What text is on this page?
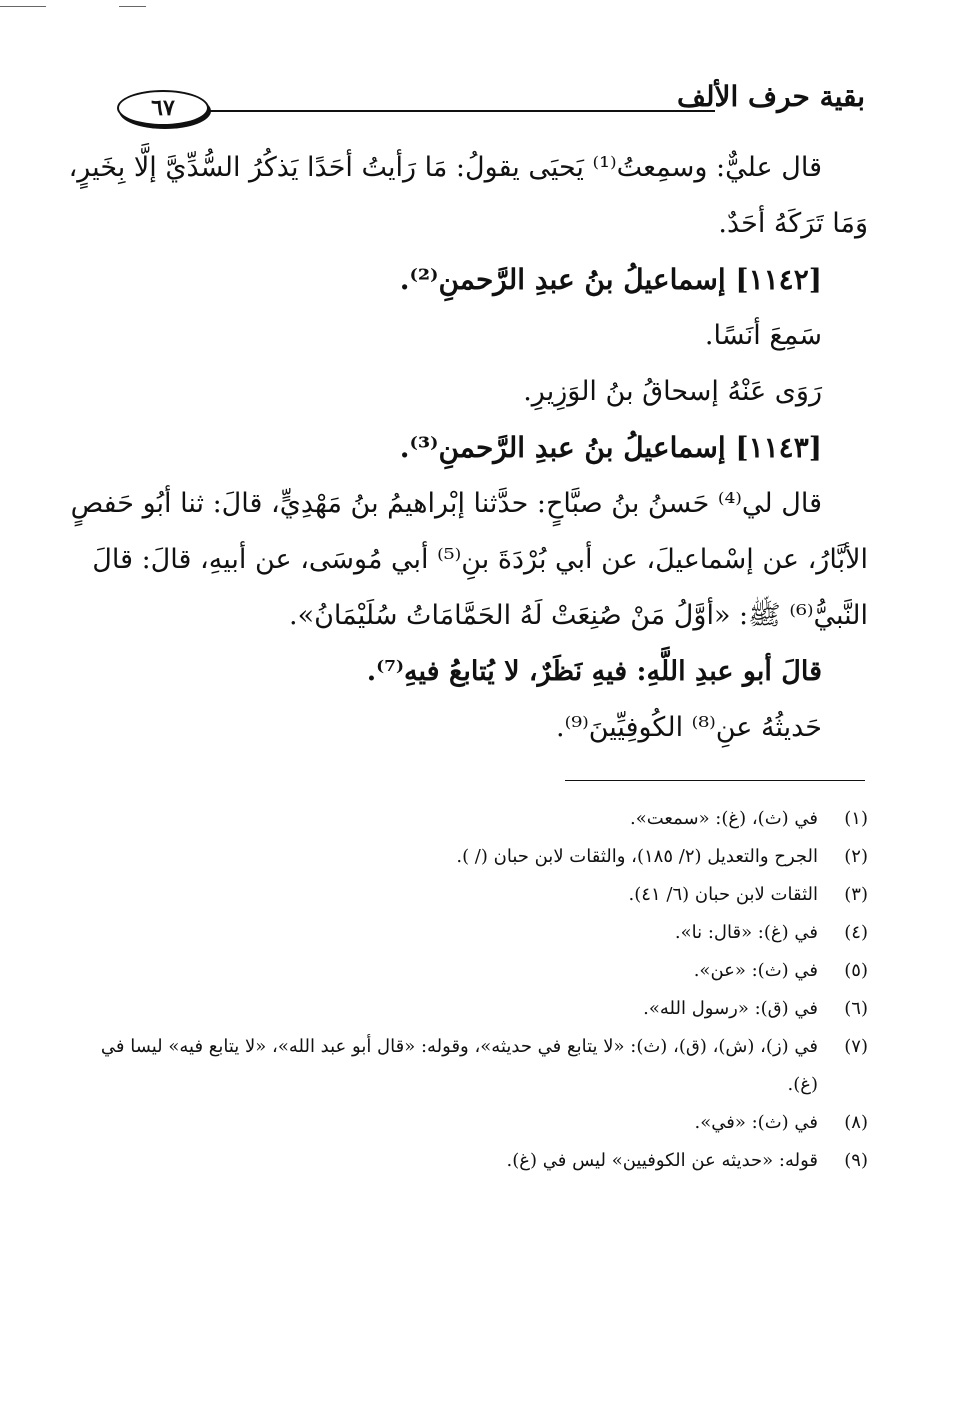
٦٧	بقية حرف الألف
قال عليٌّ: وسمِعتُ⁽¹⁾ يَحيَى يقولُ: مَا رَأيتُ أحَدًا يَذكُرُ السُّدِّيَّ إلَّا بِخَيرٍ،
وَمَا تَرَكَهُ أحَدٌ.
[١١٤٢] إسماعيلُ بنُ عبدِ الرَّحمنِ⁽²⁾.
سَمِعَ أنَسًا.
رَوَى عَنْهُ إسحاقُ بنُ الوَزِيرِ.
[١١٤٣] إسماعيلُ بنُ عبدِ الرَّحمنِ⁽³⁾.
قال لي⁽⁴⁾ حَسنُ بنُ صبَّاحٍ: حدَّثنا إبْراهيمُ بنُ مَهْدِيٍّ، قالَ: ثنا أبُو حَفصٍ
الأبَّارُ، عن إسْماعيلَ، عن أبي بُرْدَةَ بنِ⁽⁵⁾ أبي مُوسَى، عن أبيهِ، قالَ: قالَ
النَّبيُّ⁽⁶⁾ ﷺ: «أوَّلُ مَنْ صُنِعَتْ لَهُ الحَمَّامَاتُ سُلَيْمَانُ».
قالَ أبو عبدِ اللَّهِ: فيهِ نَظَرٌ، لا يُتابعُ فيهِ⁽⁷⁾.
حَديثُهُ عنِ⁽⁸⁾ الكُوفِيِّينَ⁽⁹⁾.
(١)
في (ث)، (غ): «سمعت».
(٢)
الجرح والتعديل (٢/ ١٨٥)، والثقات لابن حبان (/ ).
(٣)
الثقات لابن حبان (٦/ ٤١).
(٤)
في (غ): «قال: نا».
(٥)
في (ث): «عن».
(٦)
في (ق): «رسول الله».
(٧)
في (ز)، (ش)، (ق)، (ث): «لا يتابع في حديثه»، وقوله: «قال أبو عبد الله»، «لا يتابع فيه» ليسا في (غ).
(٨)
في (ث): «في».
(٩)
قوله: «حديثه عن الكوفيين» ليس في (غ).
